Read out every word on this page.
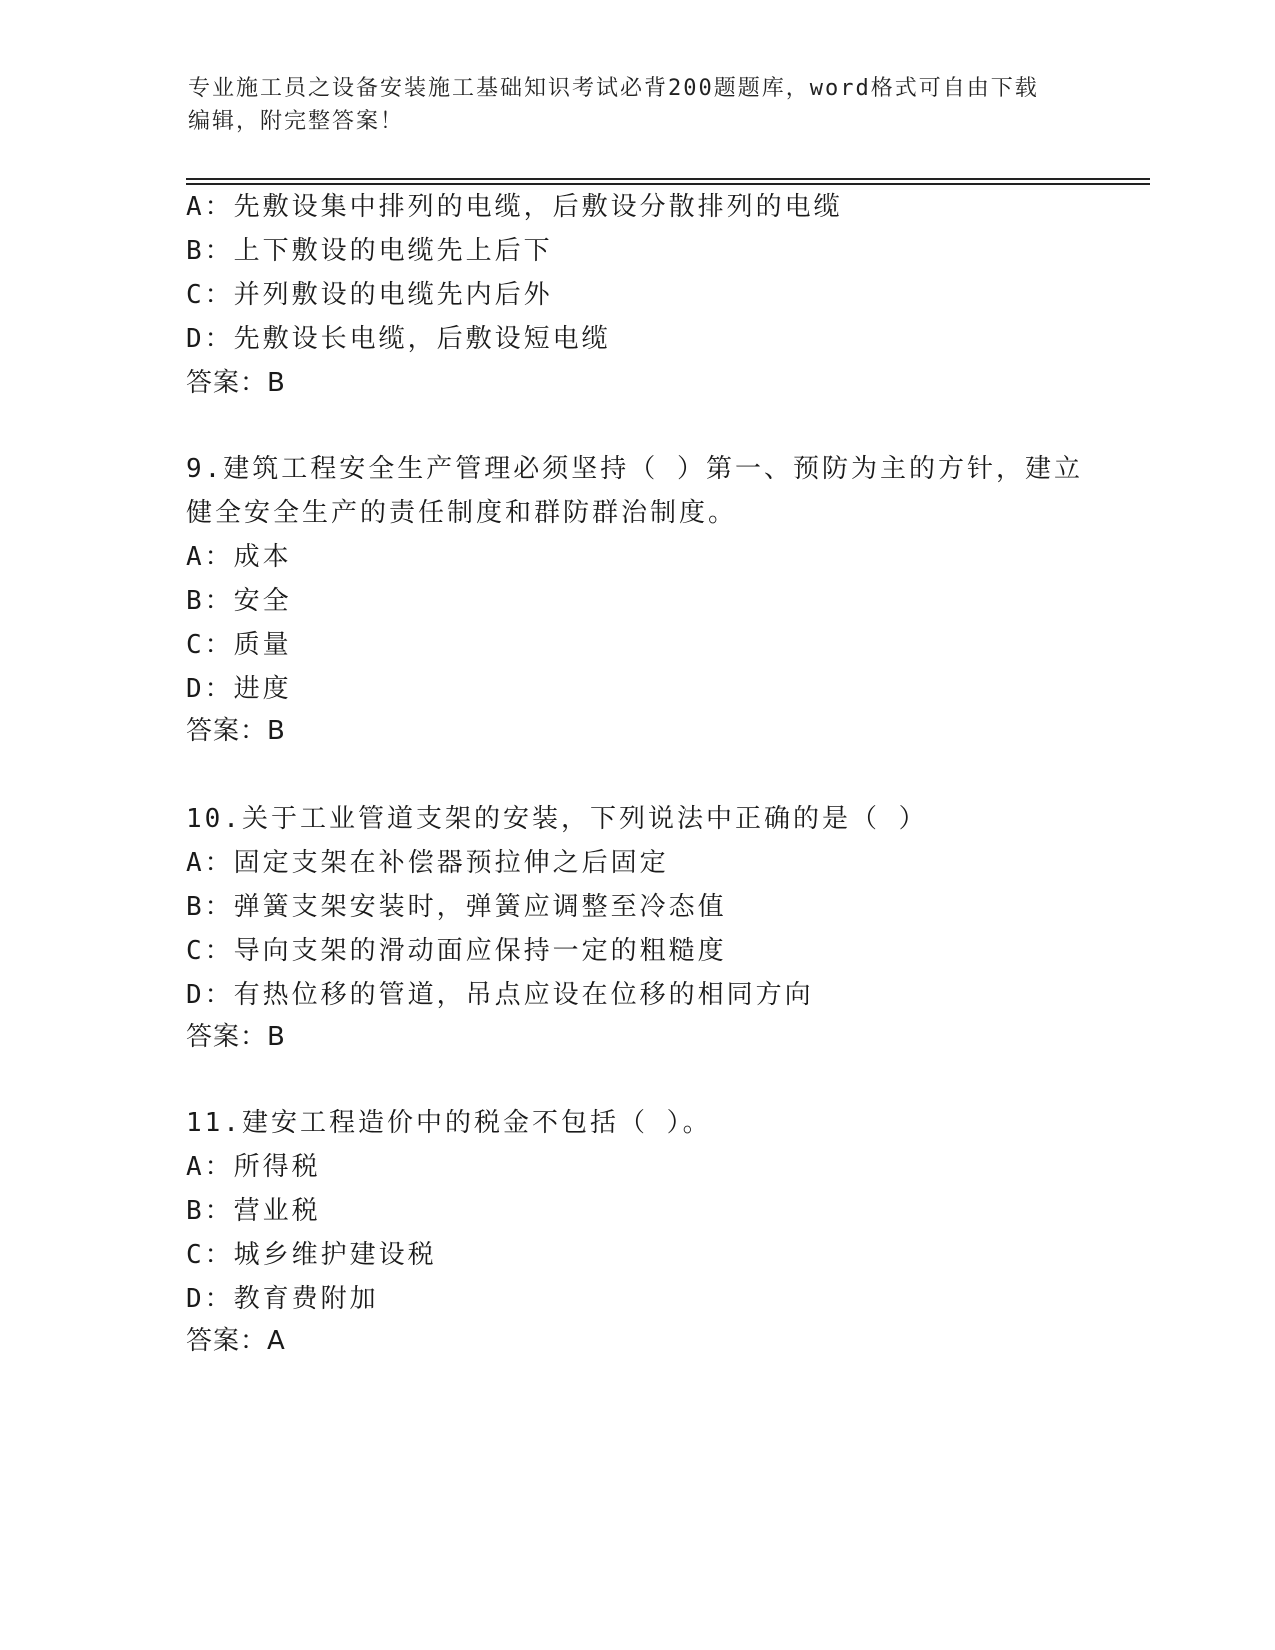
专业施工员之设备安装施工基础知识考试必背200题题库，word格式可自由下载
编辑，附完整答案！
A：先敷设集中排列的电缆，后敷设分散排列的电缆
B：上下敷设的电缆先上后下
C：并列敷设的电缆先内后外
D：先敷设长电缆，后敷设短电缆
答案：B
9.建筑工程安全生产管理必须坚持（ ）第一、预防为主的方针，建立
健全安全生产的责任制度和群防群治制度。
A：成本
B：安全
C：质量
D：进度
答案：B
10.关于工业管道支架的安装，下列说法中正确的是（ ）
A：固定支架在补偿器预拉伸之后固定
B：弹簧支架安装时，弹簧应调整至冷态值
C：导向支架的滑动面应保持一定的粗糙度
D：有热位移的管道，吊点应设在位移的相同方向
答案：B
11.建安工程造价中的税金不包括（ ）。
A：所得税
B：营业税
C：城乡维护建设税
D：教育费附加
答案：A
